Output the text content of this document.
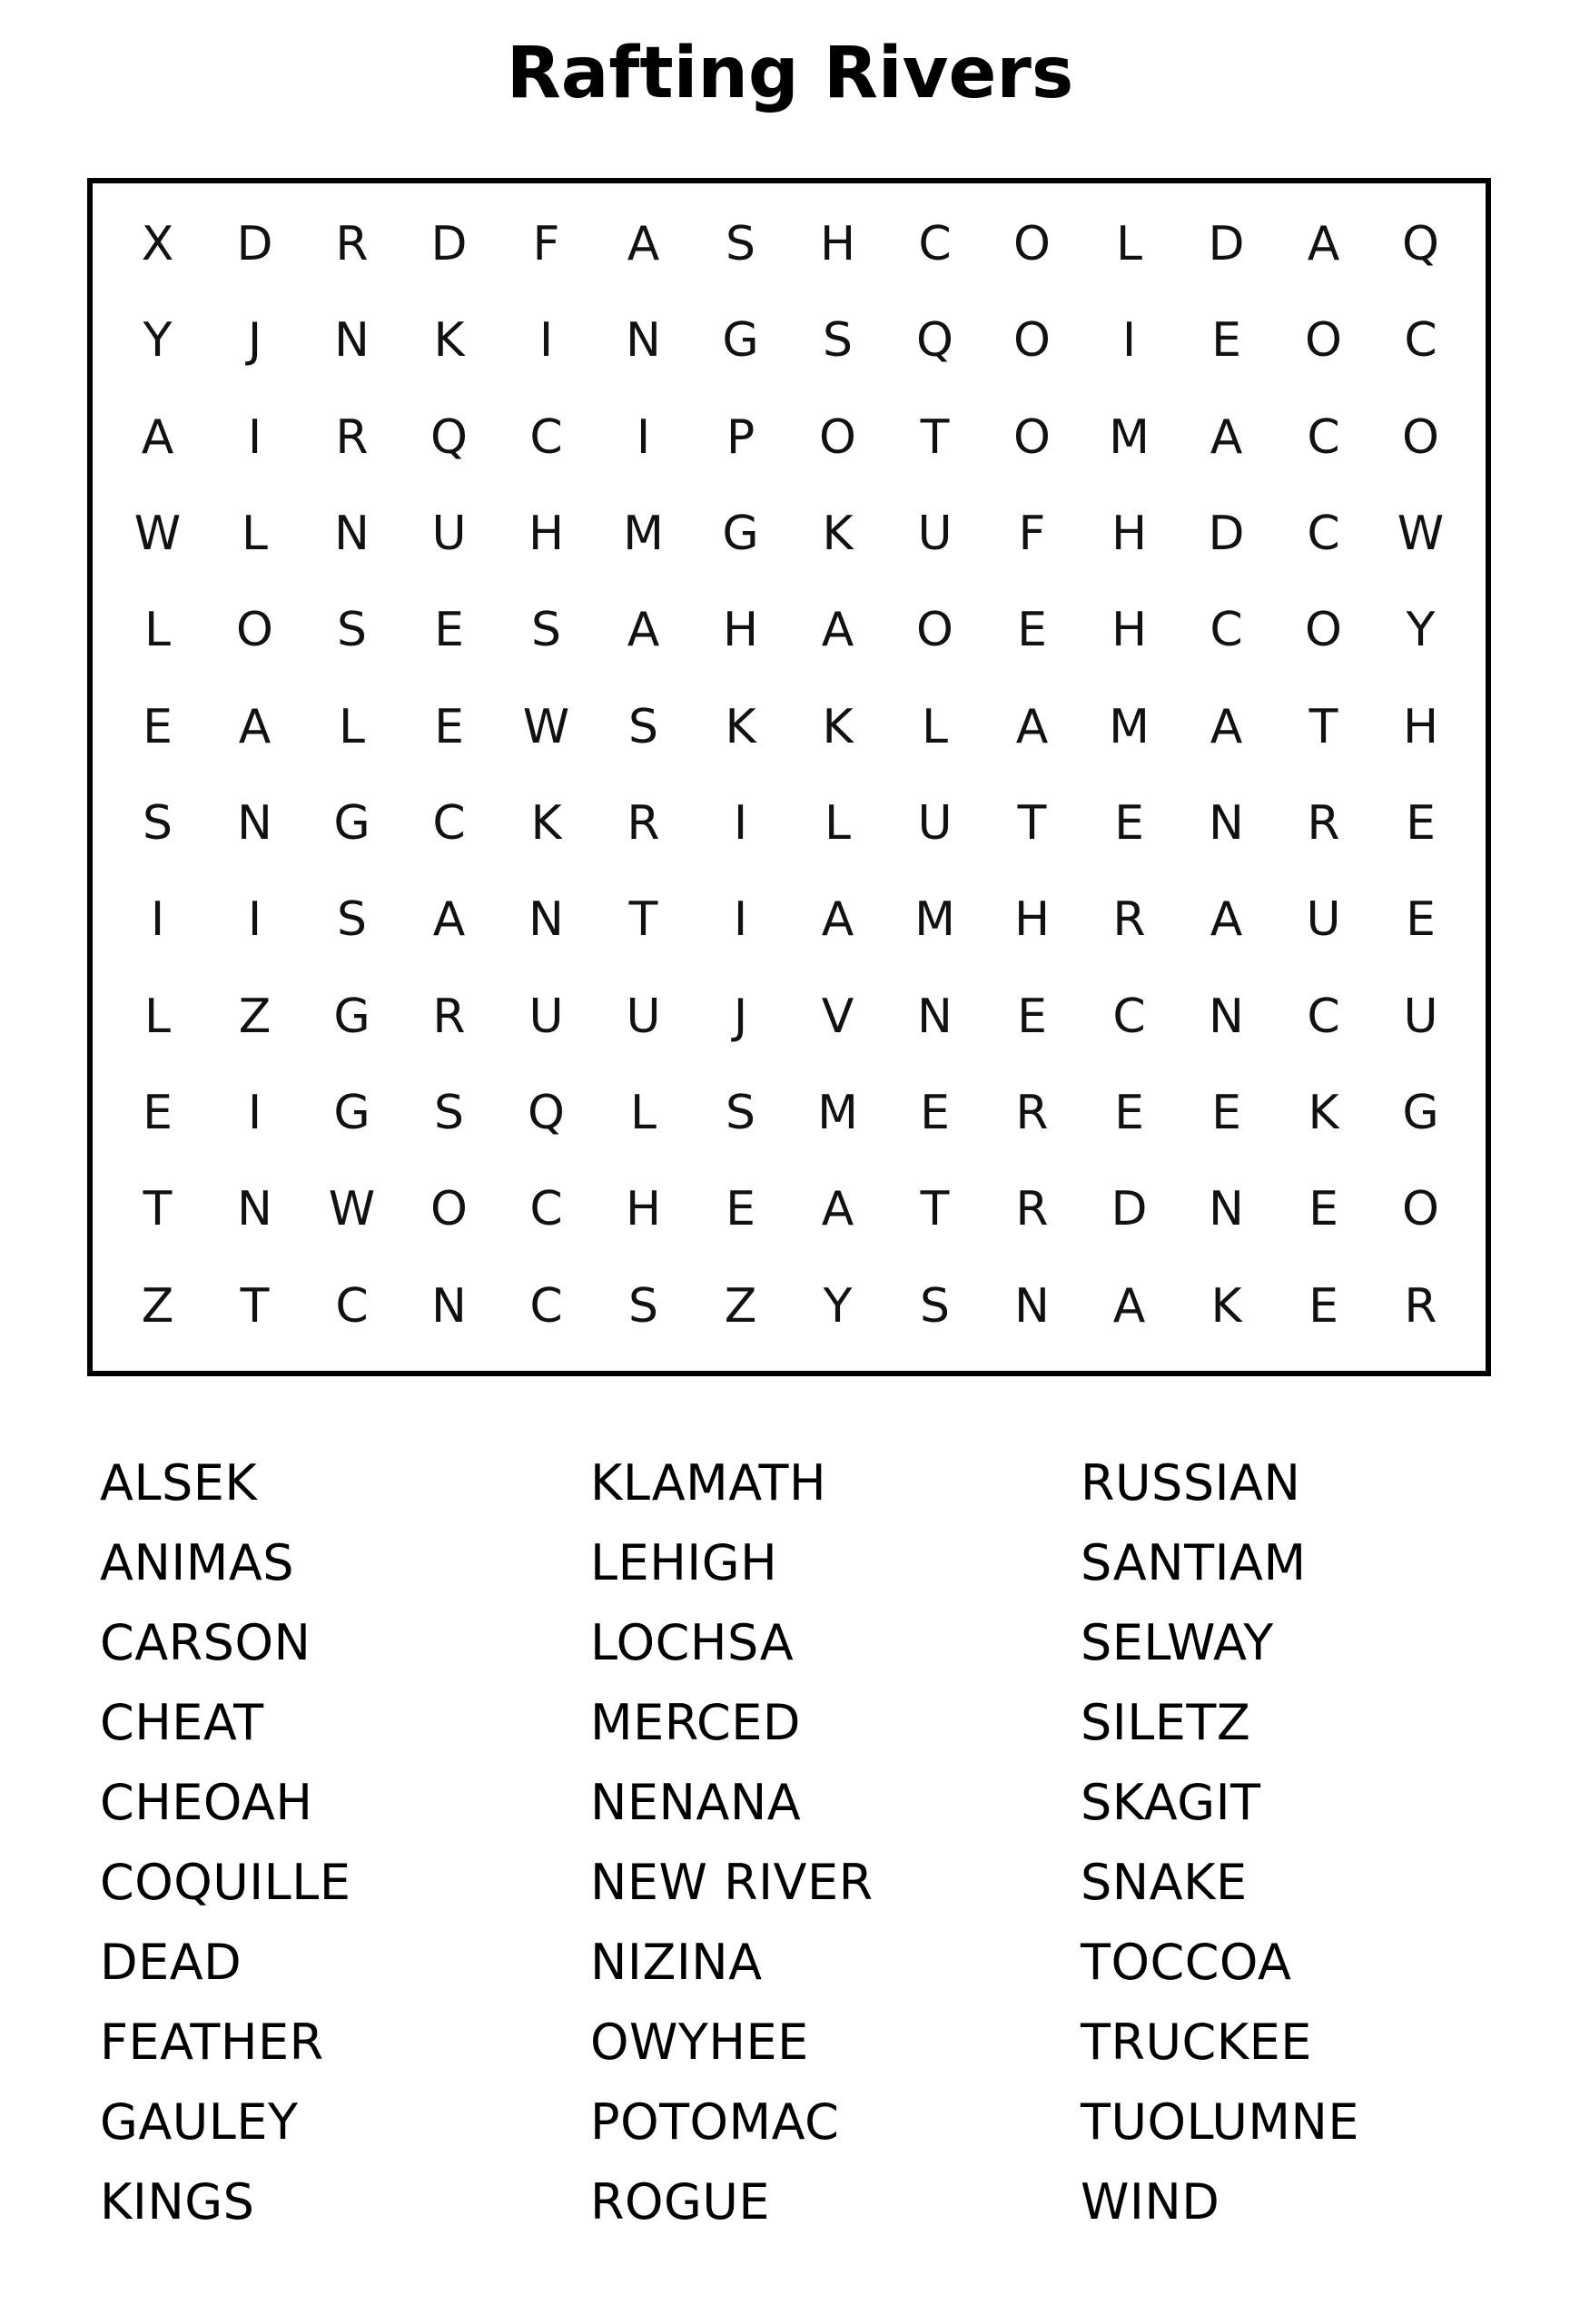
Rafting Rivers
X	D	R	D	F	A	S	H	C	O	L	D	A	Q
Y	J	N	K	I	N	G	S	Q	O	I	E	O	C
A	I	R	Q	C	I	P	O	T	O	M	A	C	O
W	L	N	U	H	M	G	K	U	F	H	D	C	W
L	O	S	E	S	A	H	A	O	E	H	C	O	Y
E	A	L	E	W	S	K	K	L	A	M	A	T	H
S	N	G	C	K	R	I	L	U	T	E	N	R	E
I	I	S	A	N	T	I	A	M	H	R	A	U	E
L	Z	G	R	U	U	J	V	N	E	C	N	C	U
E	I	G	S	Q	L	S	M	E	R	E	E	K	G
T	N	W	O	C	H	E	A	T	R	D	N	E	O
Z	T	C	N	C	S	Z	Y	S	N	A	K	E	R
ALSEK
ANIMAS
CARSON
CHEAT
CHEOAH
COQUILLE
DEAD
FEATHER
GAULEY
KINGS
KLAMATH
LEHIGH
LOCHSA
MERCED
NENANA
NEW RIVER
NIZINA
OWYHEE
POTOMAC
ROGUE
RUSSIAN
SANTIAM
SELWAY
SILETZ
SKAGIT
SNAKE
TOCCOA
TRUCKEE
TUOLUMNE
WIND
